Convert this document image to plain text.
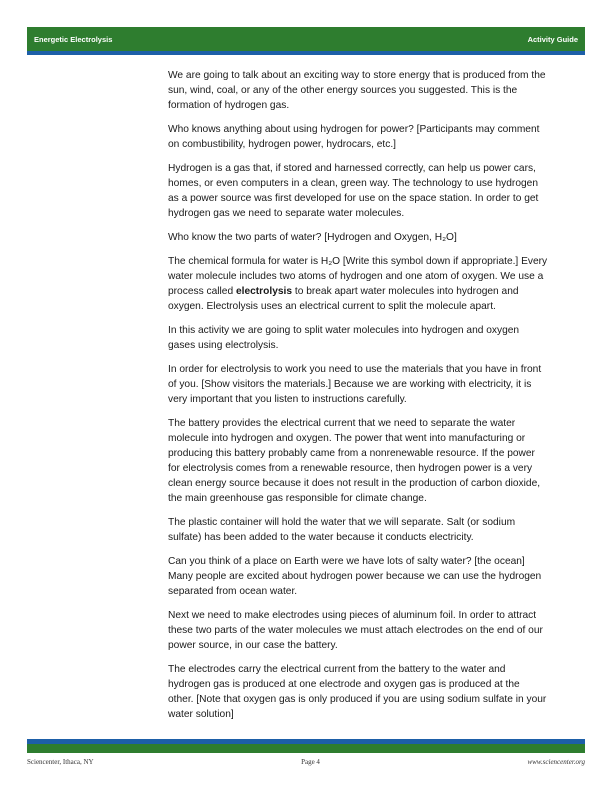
Energetic Electrolysis	Activity Guide

We are going to talk about an exciting way to store energy that is produced from the sun, wind, coal, or any of the other energy sources you suggested. This is the formation of hydrogen gas.

Who knows anything about using hydrogen for power? [Participants may comment on combustibility, hydrogen power, hydrocars, etc.]

Hydrogen is a gas that, if stored and harnessed correctly, can help us power cars, homes, or even computers in a clean, green way. The technology to use hydrogen as a power source was first developed for use on the space station. In order to get hydrogen gas we need to separate water molecules.

Who know the two parts of water? [Hydrogen and Oxygen, H₂O]

The chemical formula for water is H₂O [Write this symbol down if appropriate.] Every water molecule includes two atoms of hydrogen and one atom of oxygen. We use a process called electrolysis to break apart water molecules into hydrogen and oxygen. Electrolysis uses an electrical current to split the molecule apart.

In this activity we are going to split water molecules into hydrogen and oxygen gases using electrolysis.

In order for electrolysis to work you need to use the materials that you have in front of you. [Show visitors the materials.] Because we are working with electricity, it is very important that you listen to instructions carefully.

The battery provides the electrical current that we need to separate the water molecule into hydrogen and oxygen. The power that went into manufacturing or producing this battery probably came from a nonrenewable resource. If the power for electrolysis comes from a renewable resource, then hydrogen power is a very clean energy source because it does not result in the production of carbon dioxide, the main greenhouse gas responsible for climate change.

The plastic container will hold the water that we will separate. Salt (or sodium sulfate) has been added to the water because it conducts electricity.

Can you think of a place on Earth were we have lots of salty water? [the ocean] Many people are excited about hydrogen power because we can use the hydrogen separated from ocean water.

Next we need to make electrodes using pieces of aluminum foil. In order to attract these two parts of the water molecules we must attach electrodes on the end of our power source, in our case the battery.

The electrodes carry the electrical current from the battery to the water and hydrogen gas is produced at one electrode and oxygen gas is produced at the other. [Note that oxygen gas is only produced if you are using sodium sulfate in your water solution]

Sciencenter, Ithaca, NY	Page 4	www.sciencenter.org
